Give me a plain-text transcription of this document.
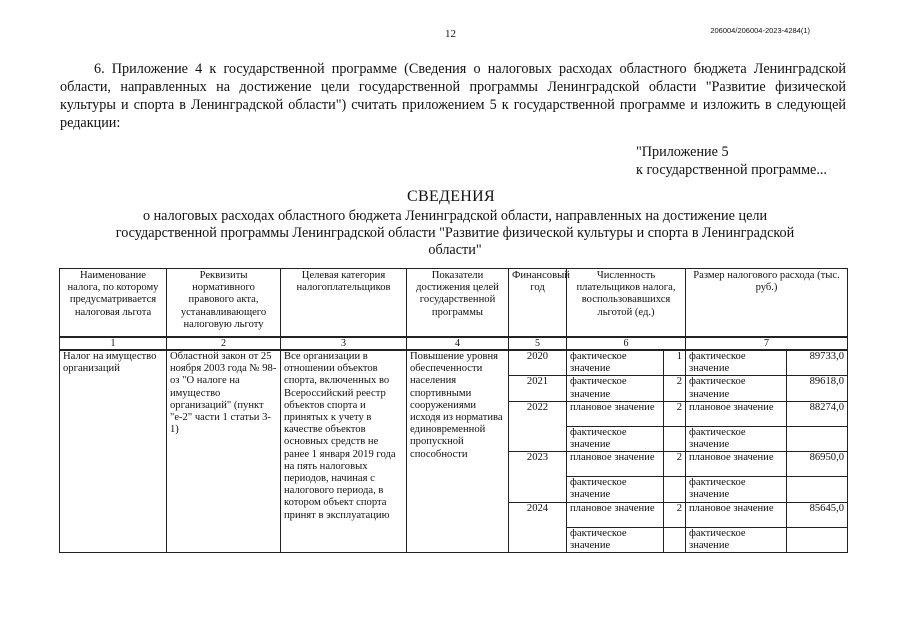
12	206004/206004-2023-4284(1)
6. Приложение 4 к государственной программе (Сведения о налоговых расходах областного бюджета Ленинградской области, направленных на достижение цели государственной программы Ленинградской области "Развитие физической культуры и спорта в Ленинградской области") считать приложением 5 к государственной программе и изложить в следующей редакции:
"Приложение 5
к государственной программе...
СВЕДЕНИЯ
о налоговых расходах областного бюджета Ленинградской области, направленных на достижение цели государственной программы Ленинградской области "Развитие физической культуры и спорта в Ленинградской области"
Наименование налога, по которому предусматривается налоговая льгота	Реквизиты нормативного правового акта, устанавливающего налоговую льготу	Целевая категория налогоплательщиков	Показатели достижения целей государственной программы	Финансовый год	Численность плательщиков налога, воспользовавшихся льготой (ед.)		Размер налогового расхода (тыс. руб.)	
1	2	3	4	5	6		7	
Налог на имущество организаций	Областной закон от 25 ноября 2003 года № 98-оз "О налоге на имущество организаций" (пункт "е-2" части 1 статьи 3-1)	Все организации в отношении объектов спорта, включенных во Всероссийский реестр объектов спорта и принятых к учету в качестве объектов основных средств не ранее 1 января 2019 года на пять налоговых периодов, начиная с налогового периода, в котором объект спорта принят в эксплуатацию	Повышение уровня обеспеченности населения спортивными сооружениями исходя из норматива единовременной пропускной способности	2020	фактическое значение	1	фактическое значение	89733,0
				2021	фактическое значение	2	фактическое значение	89618,0
				2022	плановое значение	2	плановое значение	88274,0
					фактическое значение		фактическое значение	
				2023	плановое значение	2	плановое значение	86950,0
					фактическое значение		фактическое значение	
				2024	плановое значение	2	плановое значение	85645,0
					фактическое значение		фактическое значение	
